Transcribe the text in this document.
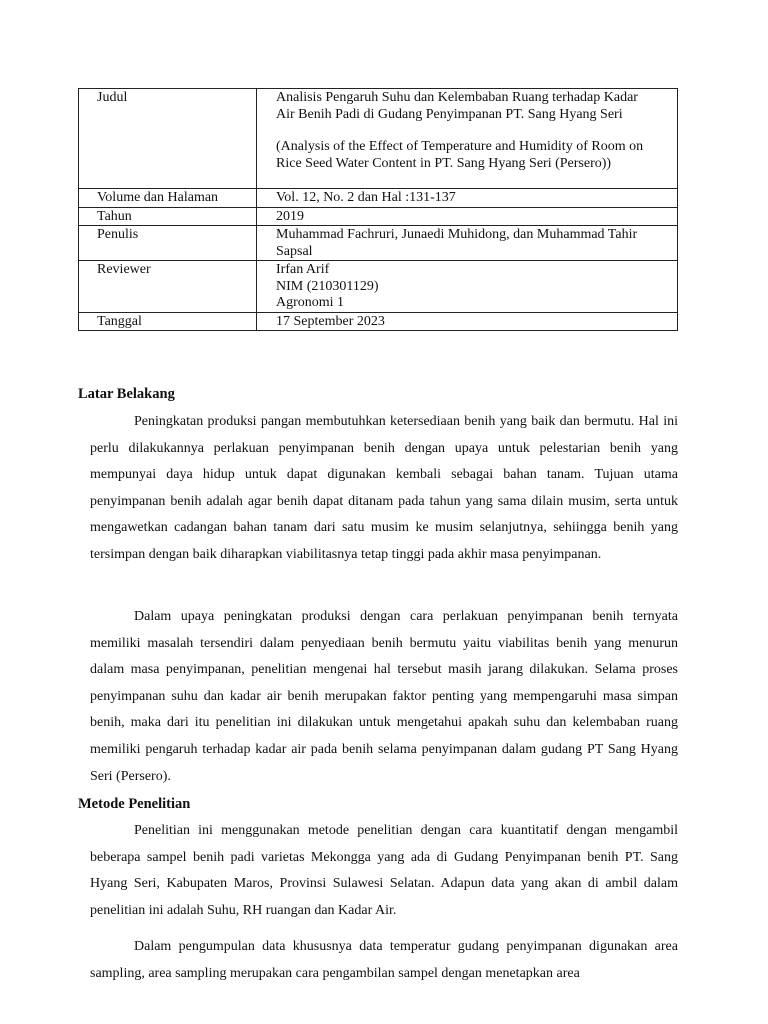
Judul	Analisis Pengaruh Suhu dan Kelembaban Ruang terhadap Kadar
Air Benih Padi di Gudang Penyimpanan PT. Sang Hyang Seri
(Analysis of the Effect of Temperature and Humidity of Room on
Rice Seed Water Content in PT. Sang Hyang Seri (Persero))

Volume dan Halaman	Vol. 12, No. 2 dan Hal :131-137
Tahun	2019
Penulis	Muhammad Fachruri, Junaedi Muhidong, dan Muhammad Tahir
Sapsal

Reviewer	Irfan Arif
NIM (210301129)
Agronomi 1

Tanggal	17 September 2023
Latar Belakang

Peningkatan produksi pangan membutuhkan ketersediaan benih yang baik dan bermutu. Hal ini perlu dilakukannya perlakuan penyimpanan benih dengan upaya untuk pelestarian benih yang mempunyai daya hidup untuk dapat digunakan kembali sebagai bahan tanam. Tujuan utama penyimpanan benih adalah agar benih dapat ditanam pada tahun yang sama dilain musim, serta untuk mengawetkan cadangan bahan tanam dari satu musim ke musim selanjutnya, sehiingga benih yang tersimpan dengan baik diharapkan viabilitasnya tetap tinggi pada akhir masa penyimpanan.

Dalam upaya peningkatan produksi dengan cara perlakuan penyimpanan benih ternyata memiliki masalah tersendiri dalam penyediaan benih bermutu yaitu viabilitas benih yang menurun dalam masa penyimpanan, penelitian mengenai hal tersebut masih jarang dilakukan. Selama proses penyimpanan suhu dan kadar air benih merupakan faktor penting yang mempengaruhi masa simpan benih, maka dari itu penelitian ini dilakukan untuk mengetahui apakah suhu dan kelembaban ruang memiliki pengaruh terhadap kadar air pada benih selama penyimpanan dalam gudang PT Sang Hyang Seri (Persero).

Metode Penelitian

Penelitian ini menggunakan metode penelitian dengan cara kuantitatif dengan mengambil beberapa sampel benih padi varietas Mekongga yang ada di Gudang Penyimpanan benih PT. Sang Hyang Seri, Kabupaten Maros, Provinsi Sulawesi Selatan. Adapun data yang akan di ambil dalam penelitian ini adalah Suhu, RH ruangan dan Kadar Air.

Dalam pengumpulan data khususnya data temperatur gudang penyimpanan digunakan area sampling, area sampling merupakan cara pengambilan sampel dengan menetapkan area
